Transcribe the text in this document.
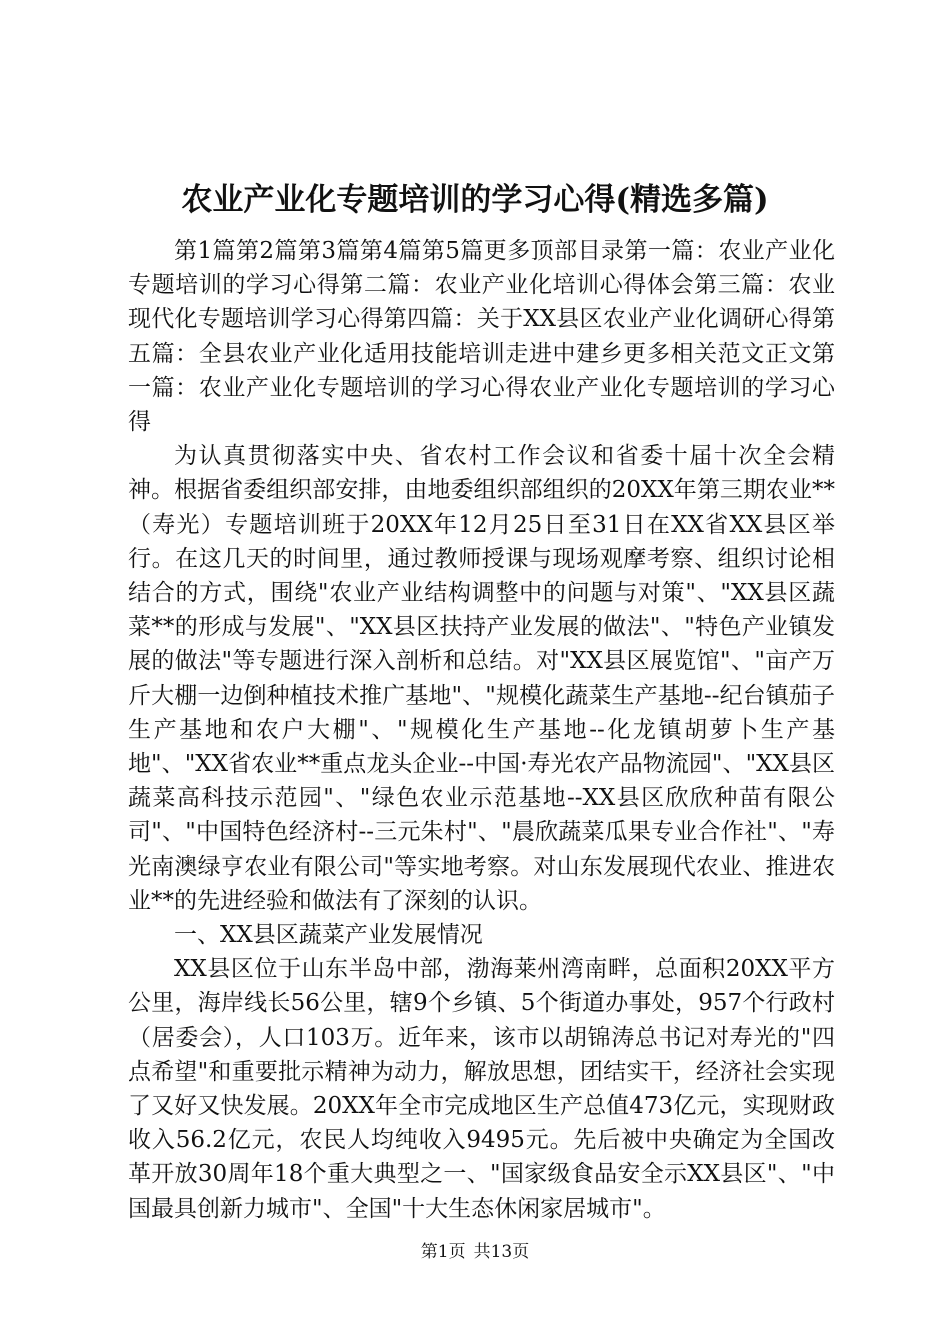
农业产业化专题培训的学习心得(精选多篇)

第1篇第2篇第3篇第4篇第5篇更多顶部目录第一篇：农业产业化专题培训的学习心得第二篇：农业产业化培训心得体会第三篇：农业现代化专题培训学习心得第四篇：关于XX县区农业产业化调研心得第五篇：全县农业产业化适用技能培训走进中建乡更多相关范文正文第一篇：农业产业化专题培训的学习心得农业产业化专题培训的学习心得

为认真贯彻落实中央、省农村工作会议和省委十届十次全会精神。根据省委组织部安排，由地委组织部组织的20XX年第三期农业**（寿光）专题培训班于20XX年12月25日至31日在XX省XX县区举行。在这几天的时间里，通过教师授课与现场观摩考察、组织讨论相结合的方式，围绕"农业产业结构调整中的问题与对策"、"XX县区蔬菜**的形成与发展"、"XX县区扶持产业发展的做法"、"特色产业镇发展的做法"等专题进行深入剖析和总结。对"XX县区展览馆"、"亩产万斤大棚一边倒种植技术推广基地"、"规模化蔬菜生产基地--纪台镇茄子生产基地和农户大棚"、"规模化生产基地--化龙镇胡萝卜生产基地"、"XX省农业**重点龙头企业--中国·寿光农产品物流园"、"XX县区蔬菜高科技示范园"、"绿色农业示范基地--XX县区欣欣种苗有限公司"、"中国特色经济村--三元朱村"、"晨欣蔬菜瓜果专业合作社"、"寿光南澳绿亨农业有限公司"等实地考察。对山东发展现代农业、推进农业**的先进经验和做法有了深刻的认识。

一、XX县区蔬菜产业发展情况

XX县区位于山东半岛中部，渤海莱州湾南畔，总面积20XX平方公里，海岸线长56公里，辖9个乡镇、5个街道办事处，957个行政村（居委会），人口103万。近年来，该市以胡锦涛总书记对寿光的"四点希望"和重要批示精神为动力，解放思想，团结实干，经济社会实现了又好又快发展。20XX年全市完成地区生产总值473亿元，实现财政收入56.2亿元，农民人均纯收入9495元。先后被中央确定为全国改革开放30周年18个重大典型之一、"国家级食品安全示XX县区"、"中国最具创新力城市"、全国"十大生态休闲家居城市"。

第1页 共13页
